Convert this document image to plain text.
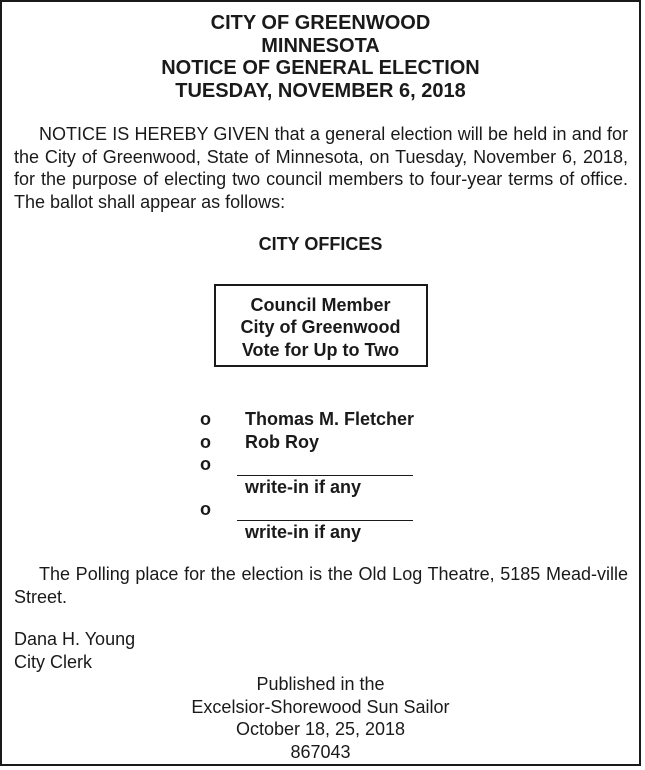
CITY OF GREENWOOD
MINNESOTA
NOTICE OF GENERAL ELECTION
TUESDAY, NOVEMBER 6, 2018
NOTICE IS HEREBY GIVEN that a general election will be held in and for the City of Greenwood, State of Minnesota, on Tuesday, November 6, 2018, for the purpose of electing two council members to four-year terms of office. The ballot shall appear as follows:
CITY OFFICES
Council Member
City of Greenwood
Vote for Up to Two
o	Thomas M. Fletcher
o	Rob Roy
o
write-in if any
o
write-in if any
The Polling place for the election is the Old Log Theatre, 5185 Mead-ville Street.
Dana H. Young
City Clerk
Published in the
Excelsior-Shorewood Sun Sailor
October 18, 25, 2018
867043
